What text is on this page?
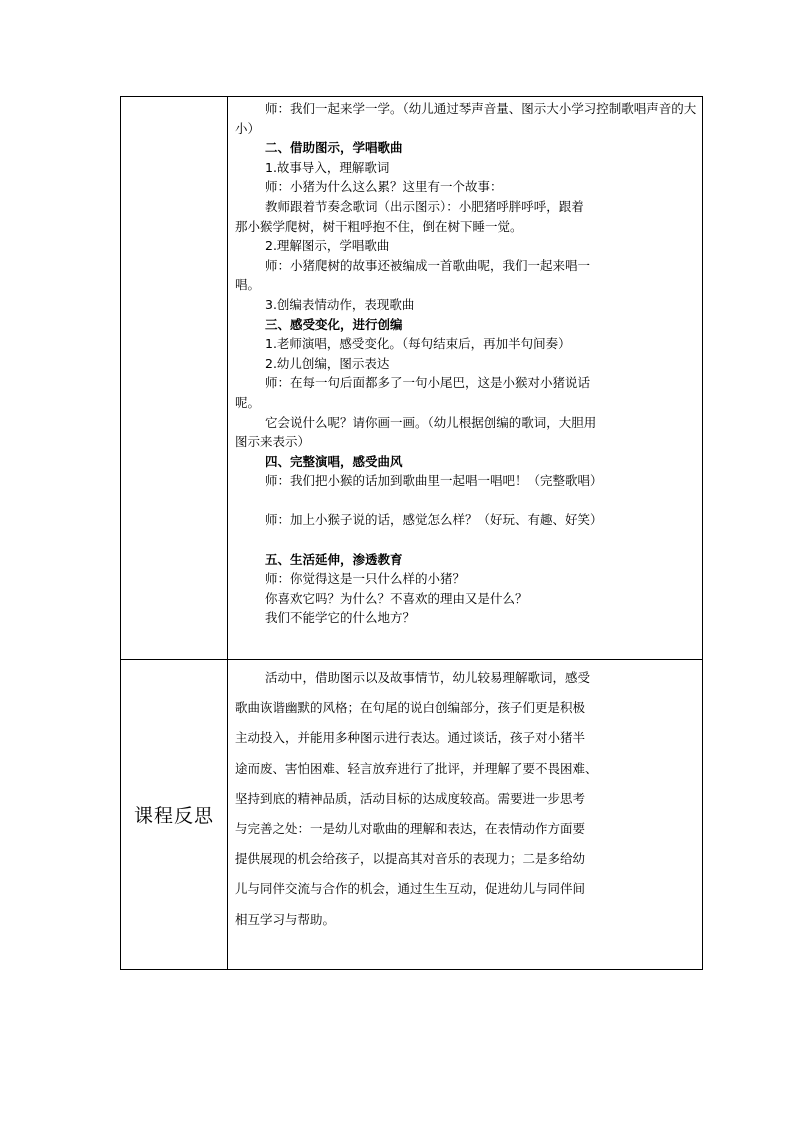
师：我们一起来学一学。（幼儿通过琴声音量、图示大小学习控制歌唱声音的大小）

二、借助图示，学唱歌曲

1.故事导入，理解歌词

师：小猪为什么这么累？这里有一个故事：

教师跟着节奏念歌词（出示图示）：小肥猪呼胖呼呼，跟着

那小猴学爬树，树干粗呼抱不住，倒在树下睡一觉。

2.理解图示，学唱歌曲

师：小猪爬树的故事还被编成一首歌曲呢，我们一起来唱一

唱。

3.创编表情动作，表现歌曲

三、感受变化，进行创编

1.老师演唱，感受变化。（每句结束后，再加半句间奏）

2.幼儿创编，图示表达

师：在每一句后面都多了一句小尾巴，这是小猴对小猪说话

呢。

它会说什么呢？请你画一画。（幼儿根据创编的歌词，大胆用

图示来表示）

四、完整演唱，感受曲风

师：我们把小猴的话加到歌曲里一起唱一唱吧！（完整歌唱）

师：加上小猴子说的话，感觉怎么样？（好玩、有趣、好笑）

五、生活延伸，渗透教育

师：你觉得这是一只什么样的小猪？

你喜欢它吗？为什么？不喜欢的理由又是什么？

我们不能学它的什么地方？

课程反思

活动中，借助图示以及故事情节，幼儿较易理解歌词，感受

歌曲诙谐幽默的风格；在句尾的说白创编部分，孩子们更是积极

主动投入，并能用多种图示进行表达。通过谈话，孩子对小猪半

途而废、害怕困难、轻言放弃进行了批评，并理解了要不畏困难、

坚持到底的精神品质，活动目标的达成度较高。需要进一步思考

与完善之处：一是幼儿对歌曲的理解和表达，在表情动作方面要

提供展现的机会给孩子，以提高其对音乐的表现力；二是多给幼

儿与同伴交流与合作的机会，通过生生互动，促进幼儿与同伴间

相互学习与帮助。
